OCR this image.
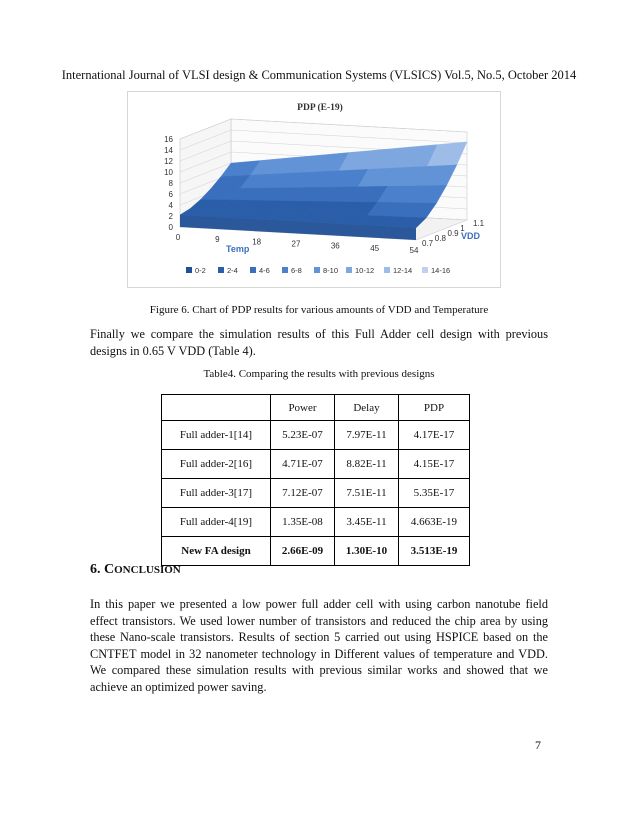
International Journal of VLSI design & Communication Systems (VLSICS) Vol.5, No.5, October 2014
0
2
4
6
8
10
12
14
16
0	9	18	27	36	45	54
0.7
0.8
0.9
1
1.1
PDP (E-19)
Temp
VDD
0-2	2-4	4-6	6-8	8-10 10-12	12-14	14-16
Figure 6. Chart of PDP results for various amounts of VDD and Temperature
Finally we compare the simulation results of this Full Adder cell design with previous designs in 0.65 V VDD (Table 4).
Table4. Comparing the results with previous designs
	Power	Delay	PDP
Full adder-1[14]	5.23E-07	7.97E-11	4.17E-17
Full adder-2[16]	4.71E-07	8.82E-11	4.15E-17
Full adder-3[17]	7.12E-07	7.51E-11	5.35E-17
Full adder-4[19]	1.35E-08	3.45E-11	4.663E-19
New FA design	2.66E-09	1.30E-10	3.513E-19
6. CONCLUSION
In this paper we presented a low power full adder cell with using carbon nanotube field effect transistors. We used lower number of transistors and reduced the chip area by using these Nano-scale transistors. Results of section 5 carried out using HSPICE based on the CNTFET model in 32 nanometer technology in Different values of temperature and VDD. We compared these simulation results with previous similar works and showed that we achieve an optimized power saving.
7
